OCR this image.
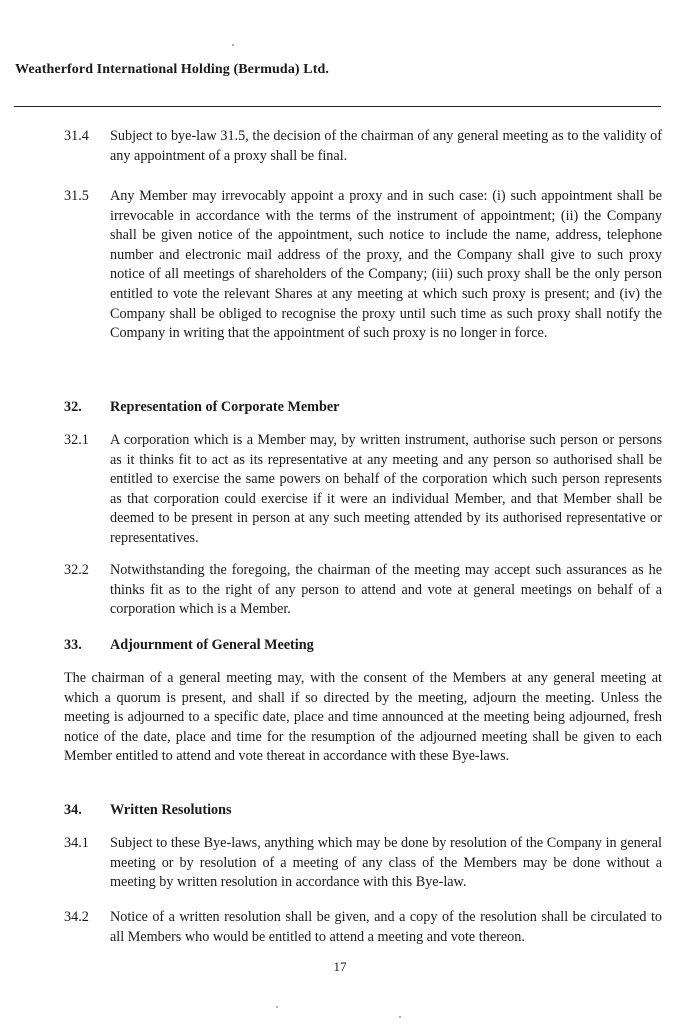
Weatherford International Holding (Bermuda) Ltd.
31.4	Subject to bye-law 31.5, the decision of the chairman of any general meeting as to the validity of any appointment of a proxy shall be final.
31.5	Any Member may irrevocably appoint a proxy and in such case: (i) such appointment shall be irrevocable in accordance with the terms of the instrument of appointment; (ii) the Company shall be given notice of the appointment, such notice to include the name, address, telephone number and electronic mail address of the proxy, and the Company shall give to such proxy notice of all meetings of shareholders of the Company; (iii) such proxy shall be the only person entitled to vote the relevant Shares at any meeting at which such proxy is present; and (iv) the Company shall be obliged to recognise the proxy until such time as such proxy shall notify the Company in writing that the appointment of such proxy is no longer in force.
32. Representation of Corporate Member
32.1	A corporation which is a Member may, by written instrument, authorise such person or persons as it thinks fit to act as its representative at any meeting and any person so authorised shall be entitled to exercise the same powers on behalf of the corporation which such person represents as that corporation could exercise if it were an individual Member, and that Member shall be deemed to be present in person at any such meeting attended by its authorised representative or representatives.
32.2	Notwithstanding the foregoing, the chairman of the meeting may accept such assurances as he thinks fit as to the right of any person to attend and vote at general meetings on behalf of a corporation which is a Member.
33. Adjournment of General Meeting
The chairman of a general meeting may, with the consent of the Members at any general meeting at which a quorum is present, and shall if so directed by the meeting, adjourn the meeting. Unless the meeting is adjourned to a specific date, place and time announced at the meeting being adjourned, fresh notice of the date, place and time for the resumption of the adjourned meeting shall be given to each Member entitled to attend and vote thereat in accordance with these Bye-laws.
34. Written Resolutions
34.1	Subject to these Bye-laws, anything which may be done by resolution of the Company in general meeting or by resolution of a meeting of any class of the Members may be done without a meeting by written resolution in accordance with this Bye-law.
34.2	Notice of a written resolution shall be given, and a copy of the resolution shall be circulated to all Members who would be entitled to attend a meeting and vote thereon.
17
